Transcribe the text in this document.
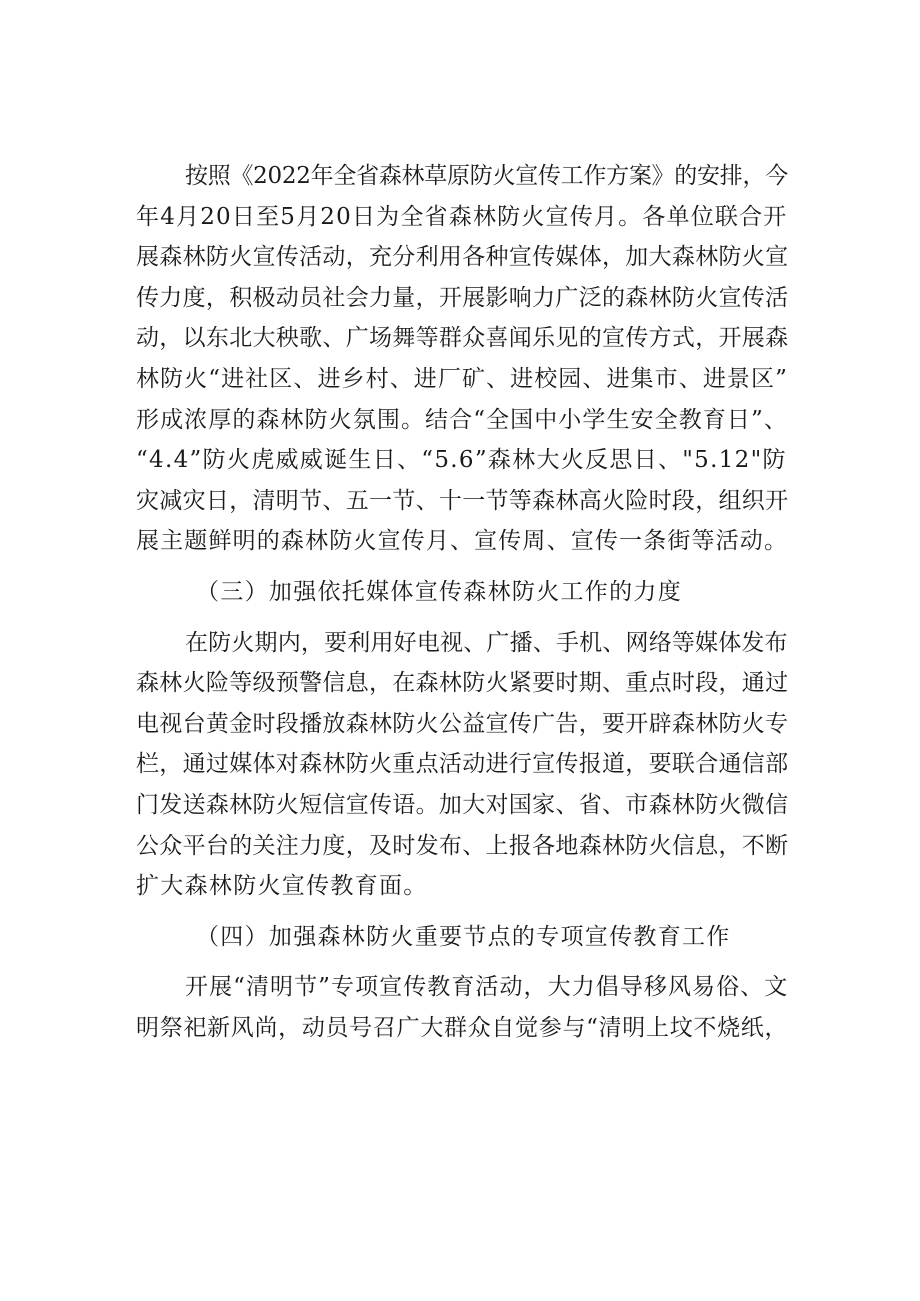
按照《2022年全省森林草原防火宣传工作方案》的安排，今
年4月20日至5月20日为全省森林防火宣传月。各单位联合开
展森林防火宣传活动，充分利用各种宣传媒体，加大森林防火宣
传力度，积极动员社会力量，开展影响力广泛的森林防火宣传活
动，以东北大秧歌、广场舞等群众喜闻乐见的宣传方式，开展森
林防火“进社区、进乡村、进厂矿、进校园、进集市、进景区”
形成浓厚的森林防火氛围。结合“全国中小学生安全教育日”、
“4.4”防火虎威威诞生日、“5.6”森林大火反思日、"5.12"防
灾减灾日，清明节、五一节、十一节等森林高火险时段，组织开
展主题鲜明的森林防火宣传月、宣传周、宣传一条街等活动。

（三）加强依托媒体宣传森林防火工作的力度

在防火期内，要利用好电视、广播、手机、网络等媒体发布
森林火险等级预警信息，在森林防火紧要时期、重点时段，通过
电视台黄金时段播放森林防火公益宣传广告，要开辟森林防火专
栏，通过媒体对森林防火重点活动进行宣传报道，要联合通信部
门发送森林防火短信宣传语。加大对国家、省、市森林防火微信
公众平台的关注力度，及时发布、上报各地森林防火信息，不断
扩大森林防火宣传教育面。

（四）加强森林防火重要节点的专项宣传教育工作

开展“清明节”专项宣传教育活动，大力倡导移风易俗、文
明祭祀新风尚，动员号召广大群众自觉参与“清明上坟不烧纸，
